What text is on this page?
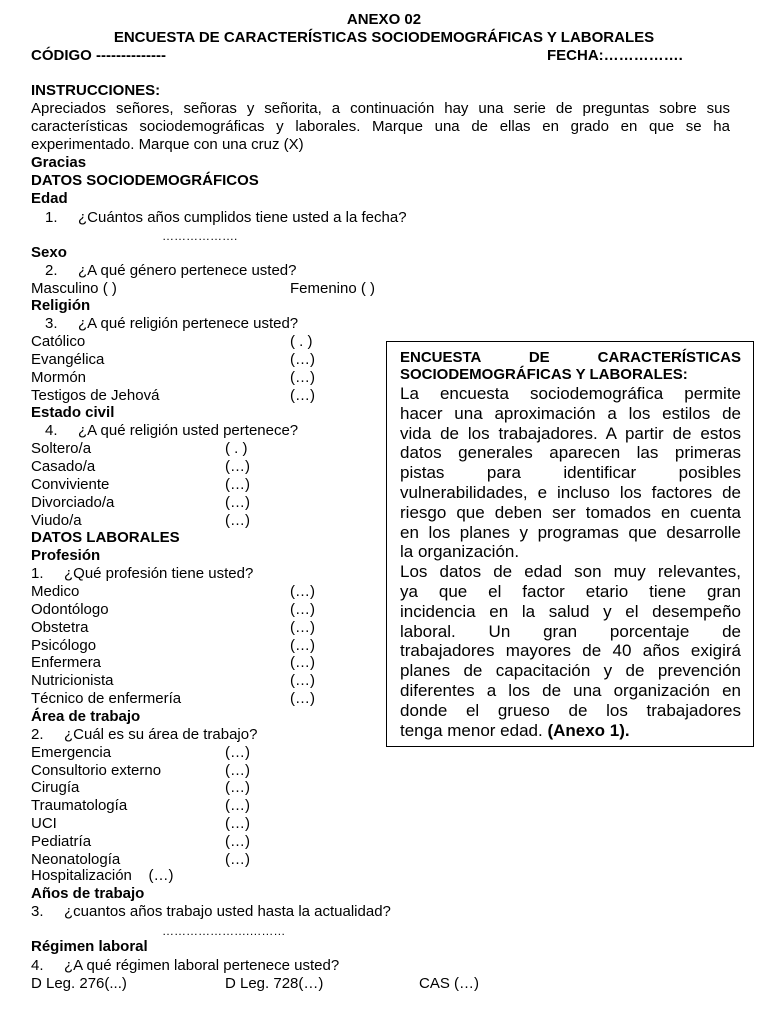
ANEXO 02
ENCUESTA DE CARACTERÍSTICAS SOCIODEMOGRÁFICAS Y LABORALES
CÓDIGO --------------	FECHA:…………….
INSTRUCCIONES:
Apreciados señores, señoras y señorita, a continuación hay una serie de preguntas sobre sus
características sociodemográficas y laborales. Marque una de ellas en grado en que se ha
experimentado. Marque con una cruz (X)
Gracias
DATOS SOCIODEMOGRÁFICOS
Edad
1. ¿Cuántos años cumplidos tiene usted a la fecha?
……………….
Sexo
2. ¿A qué género pertenece usted?
Masculino ( )	Femenino ( )
Religión
3. ¿A qué religión pertenece usted?
Católico	( . )
Evangélica	(…)
Mormón	(…)
Testigos de Jehová	(…)
Estado civil
4. ¿A qué religión usted pertenece?
Soltero/a	( . )
Casado/a	(…)
Conviviente	(…)
Divorciado/a	(…)
Viudo/a	(…)
DATOS LABORALES
Profesión
1. ¿Qué profesión tiene usted?
Medico	(…)
Odontólogo	(…)
Obstetra	(…)
Psicólogo	(…)
Enfermera	(…)
Nutricionista	(…)
Técnico de enfermería	(…)
Área de trabajo
2. ¿Cuál es su área de trabajo?
Emergencia	(…)
Consultorio externo	(…)
Cirugía	(…)
Traumatología	(…)
UCI	(…)
Pediatría	(…)
Neonatología	(…)
Hospitalización    (…)
Años de trabajo
3. ¿cuantos años trabajo usted hasta la actualidad?
………………….………
Régimen laboral
4. ¿A qué régimen laboral pertenece usted?
D Leg. 276(...)	D Leg. 728(…)	CAS (…)
ENCUESTA DE CARACTERÍSTICAS
SOCIODEMOGRÁFICAS Y LABORALES:
La encuesta sociodemográfica permite
hacer una aproximación a los estilos de
vida de los trabajadores. A partir de estos
datos generales aparecen las primeras
pistas para identificar posibles
vulnerabilidades, e incluso los factores de
riesgo que deben ser tomados en cuenta
en los planes y programas que desarrolle
la organización.
Los datos de edad son muy relevantes,
ya que el factor etario tiene gran
incidencia en la salud y el desempeño
laboral. Un gran porcentaje de
trabajadores mayores de 40 años exigirá
planes de capacitación y de prevención
diferentes a los de una organización en
donde el grueso de los trabajadores
tenga menor edad. (Anexo 1).
